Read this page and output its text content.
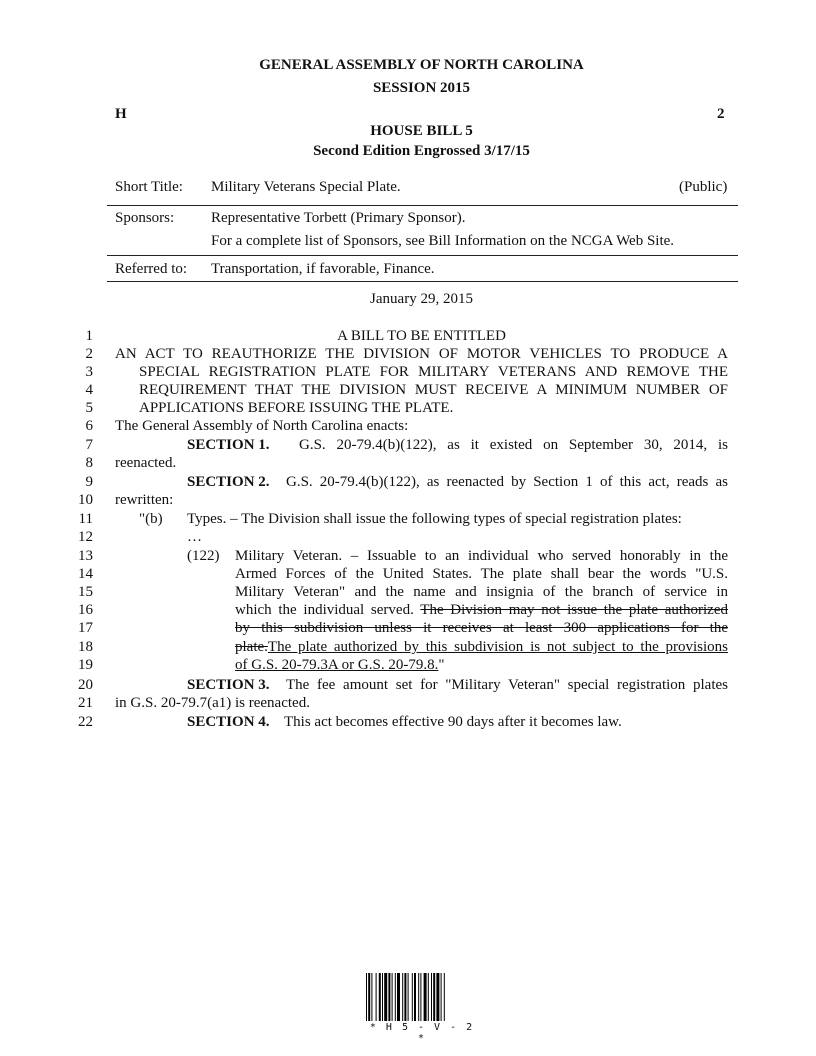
GENERAL ASSEMBLY OF NORTH CAROLINA
SESSION 2015
H	2
HOUSE BILL 5
Second Edition Engrossed 3/17/15
Short Title: Military Veterans Special Plate.	(Public)
Sponsors: Representative Torbett (Primary Sponsor).
For a complete list of Sponsors, see Bill Information on the NCGA Web Site.
Referred to: Transportation, if favorable, Finance.
January 29, 2015
1
2
3
4
5
6
7
8
9
10
11
12
13
14
15
16
17
18
19
20
21
22
A BILL TO BE ENTITLED
AN ACT TO REAUTHORIZE THE DIVISION OF MOTOR VEHICLES TO PRODUCE A
SPECIAL REGISTRATION PLATE FOR MILITARY VETERANS AND REMOVE THE
REQUIREMENT THAT THE DIVISION MUST RECEIVE A MINIMUM NUMBER OF
APPLICATIONS BEFORE ISSUING THE PLATE.
The General Assembly of North Carolina enacts:
SECTION 1. G.S. 20-79.4(b)(122), as it existed on September 30, 2014, is
reenacted.
SECTION 2. G.S. 20-79.4(b)(122), as reenacted by Section 1 of this act, reads as
rewritten:
"(b) Types. – The Division shall issue the following types of special registration plates:
…
(122) Military Veteran. – Issuable to an individual who served honorably in the
Armed Forces of the United States. The plate shall bear the words "U.S.
Military Veteran" and the name and insignia of the branch of service in
which the individual served. The Division may not issue the plate authorized
by this subdivision unless it receives at least 300 applications for the
plate.The plate authorized by this subdivision is not subject to the provisions
of G.S. 20-79.3A or G.S. 20-79.8."
SECTION 3. The fee amount set for "Military Veteran" special registration plates
in G.S. 20-79.7(a1) is reenacted.
SECTION 4. This act becomes effective 90 days after it becomes law.
* H 5 - V - 2 *
